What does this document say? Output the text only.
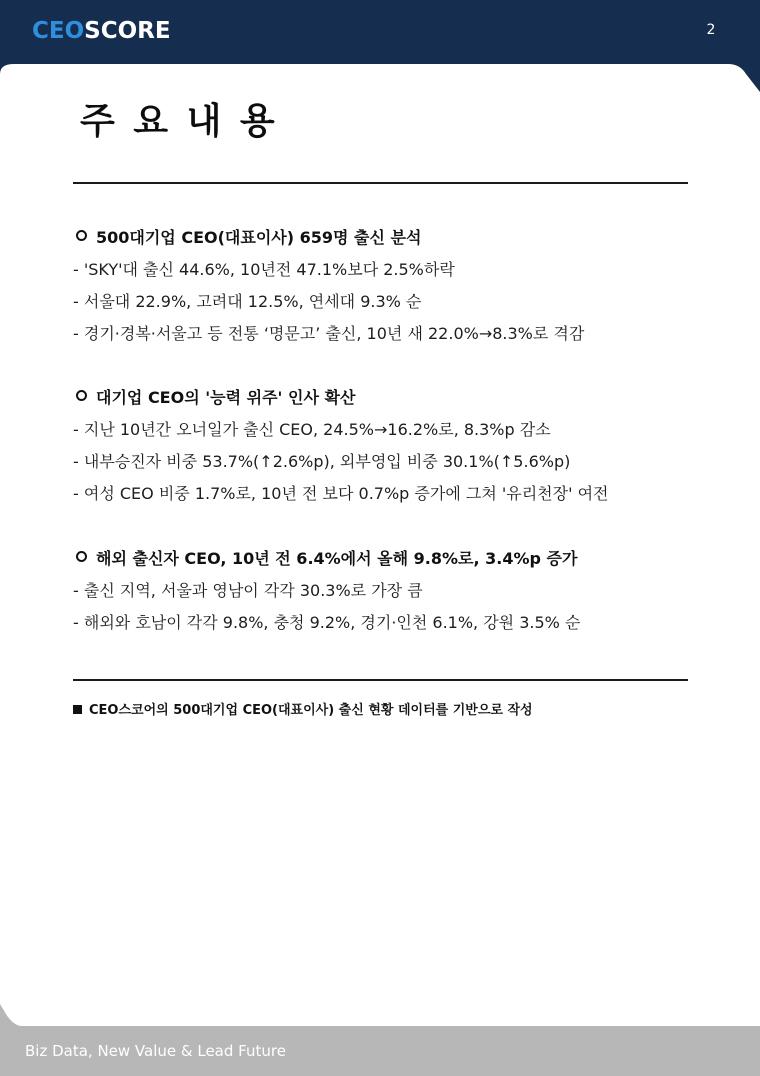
CEOSCORE	2
주 요 내 용
500대기업 CEO(대표이사) 659명 출신 분석
- 'SKY'대 출신 44.6%, 10년전 47.1%보다 2.5%하락
- 서울대 22.9%, 고려대 12.5%, 연세대 9.3% 순
- 경기·경복·서울고 등 전통 ‘명문고’ 출신, 10년 새 22.0%→8.3%로 격감
대기업 CEO의 '능력 위주' 인사 확산
- 지난 10년간 오너일가 출신 CEO, 24.5%→16.2%로, 8.3%p 감소
- 내부승진자 비중 53.7%(↑2.6%p), 외부영입 비중 30.1%(↑5.6%p)
- 여성 CEO 비중 1.7%로, 10년 전 보다 0.7%p 증가에 그쳐 '유리천장' 여전
해외 출신자 CEO, 10년 전 6.4%에서 올해 9.8%로, 3.4%p 증가
- 출신 지역, 서울과 영남이 각각 30.3%로 가장 큼
- 해외와 호남이 각각 9.8%, 충청 9.2%, 경기·인천 6.1%, 강원 3.5% 순
CEO스코어의 500대기업 CEO(대표이사) 출신 현황 데이터를 기반으로 작성
Biz Data, New Value & Lead Future
